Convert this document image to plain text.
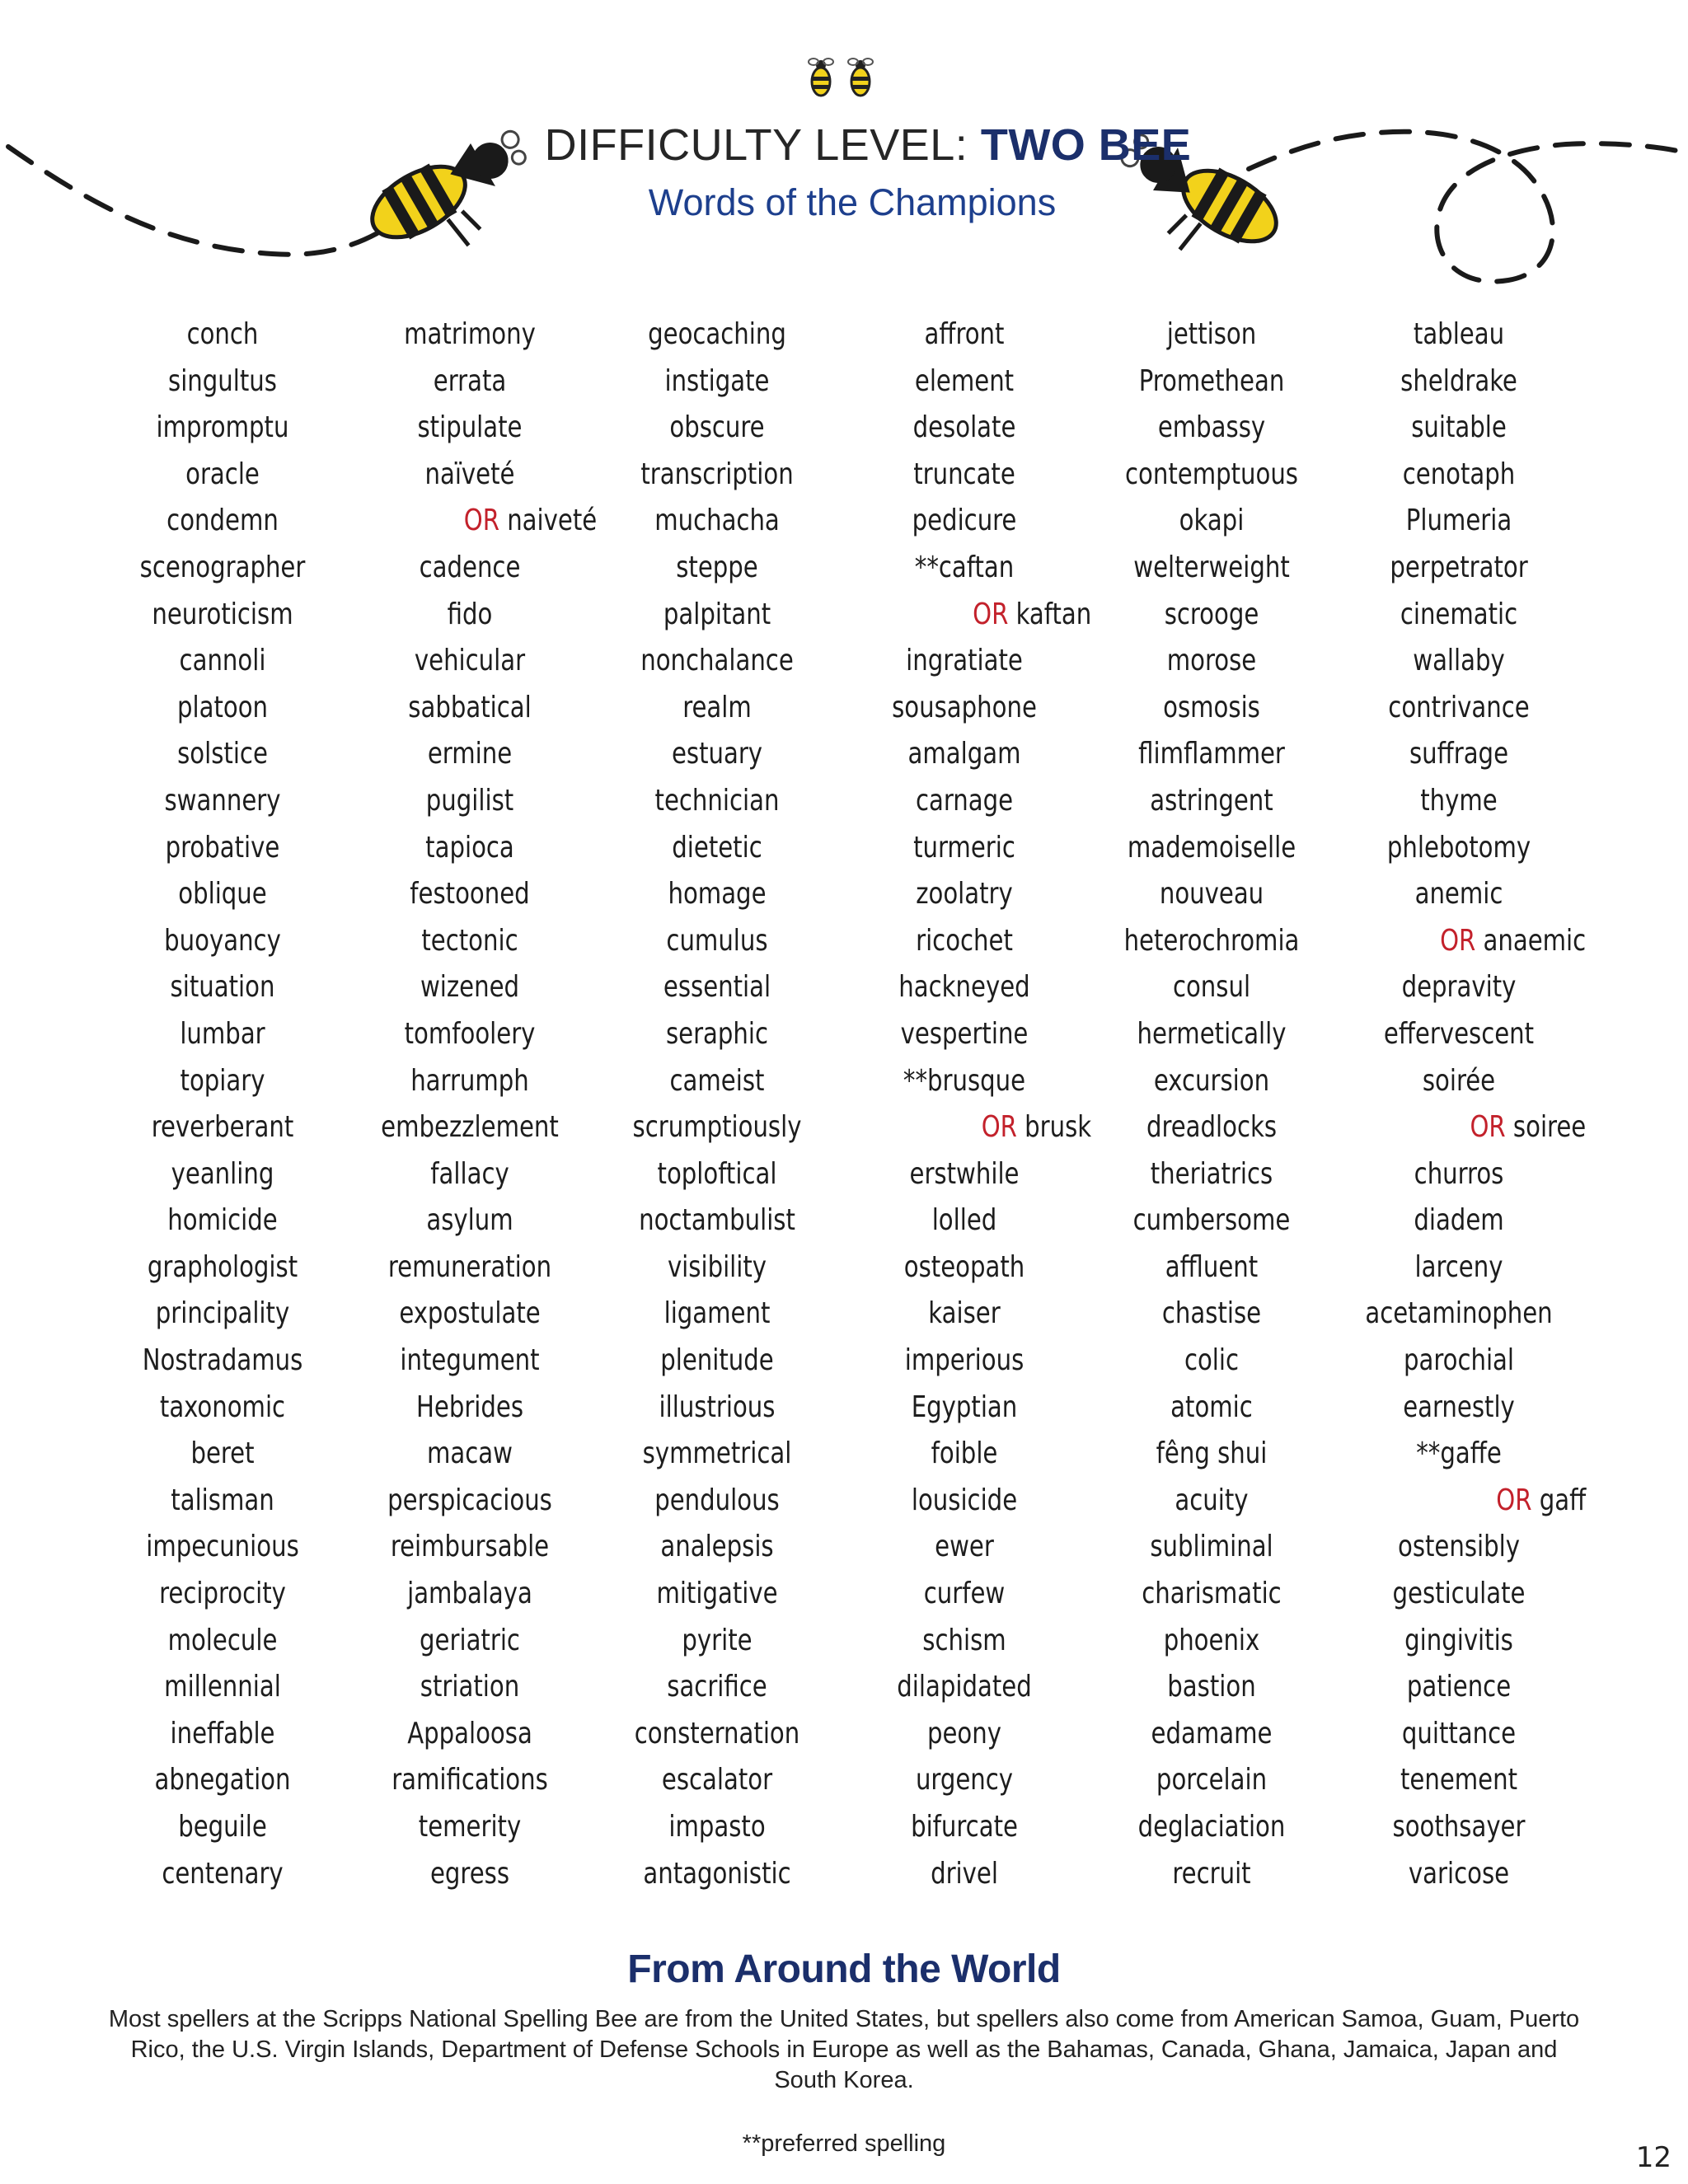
DIFFICULTY LEVEL: TWO BEE
Words of the Champions
conch
singultus
impromptu
oracle
condemn
scenographer
neuroticism
cannoli
platoon
solstice
swannery
probative
oblique
buoyancy
situation
lumbar
topiary
reverberant
yeanling
homicide
graphologist
principality
Nostradamus
taxonomic
beret
talisman
impecunious
reciprocity
molecule
millennial
ineffable
abnegation
beguile
centenary
matrimony
errata
stipulate
naïveté
OR naiveté
cadence
fido
vehicular
sabbatical
ermine
pugilist
tapioca
festooned
tectonic
wizened
tomfoolery
harrumph
embezzlement
fallacy
asylum
remuneration
expostulate
integument
Hebrides
macaw
perspicacious
reimbursable
jambalaya
geriatric
striation
Appaloosa
ramifications
temerity
egress
geocaching
instigate
obscure
transcription
muchacha
steppe
palpitant
nonchalance
realm
estuary
technician
dietetic
homage
cumulus
essential
seraphic
cameist
scrumptiously
toploftical
noctambulist
visibility
ligament
plenitude
illustrious
symmetrical
pendulous
analepsis
mitigative
pyrite
sacrifice
consternation
escalator
impasto
antagonistic
affront
element
desolate
truncate
pedicure
**caftan
OR kaftan
ingratiate
sousaphone
amalgam
carnage
turmeric
zoolatry
ricochet
hackneyed
vespertine
**brusque
OR brusk
erstwhile
lolled
osteopath
kaiser
imperious
Egyptian
foible
lousicide
ewer
curfew
schism
dilapidated
peony
urgency
bifurcate
drivel
jettison
Promethean
embassy
contemptuous
okapi
welterweight
scrooge
morose
osmosis
flimflammer
astringent
mademoiselle
nouveau
heterochromia
consul
hermetically
excursion
dreadlocks
theriatrics
cumbersome
affluent
chastise
colic
atomic
fêng shui
acuity
subliminal
charismatic
phoenix
bastion
edamame
porcelain
deglaciation
recruit
tableau
sheldrake
suitable
cenotaph
Plumeria
perpetrator
cinematic
wallaby
contrivance
suffrage
thyme
phlebotomy
anemic
OR anaemic
depravity
effervescent
soirée
OR soiree
churros
diadem
larceny
acetaminophen
parochial
earnestly
**gaffe
OR gaff
ostensibly
gesticulate
gingivitis
patience
quittance
tenement
soothsayer
varicose
From Around the World
Most spellers at the Scripps National Spelling Bee are from the United States, but spellers also come from American Samoa, Guam, Puerto Rico, the U.S. Virgin Islands, Department of Defense Schools in Europe as well as the Bahamas, Canada, Ghana, Jamaica, Japan and South Korea.
**preferred spelling	12
